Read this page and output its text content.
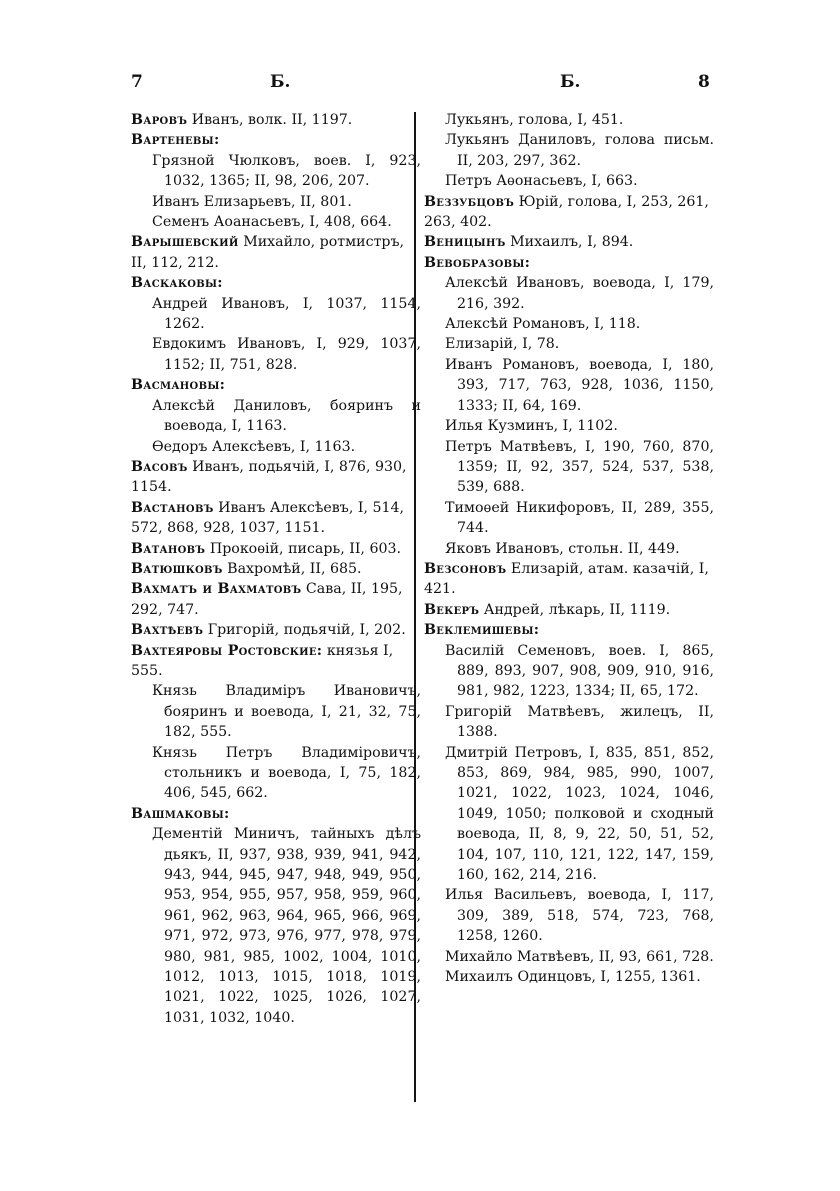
7	Б.	Б.	8

Варовъ Иванъ, волк. II, 1197.

Вартеневы:

Грязной Чюлковъ, воев. I, 923, 1032, 1365; II, 98, 206, 207.

Иванъ Елизарьевъ, II, 801.

Семенъ Аоанасьевъ, I, 408, 664.

Варышевский Михайло, ротмистръ, II, 112, 212.

Васкаковы:

Андрей Ивановъ, I, 1037, 1154, 1262.

Евдокимъ Ивановъ, I, 929, 1037, 1152; II, 751, 828.

Васмановы:

Алексѣй Даниловъ, бояринъ и воевода, I, 1163.

Ѳедоръ Алексѣевъ, I, 1163.

Васовъ Иванъ, подьячій, I, 876, 930, 1154.

Вастановъ Иванъ Алексѣевъ, I, 514, 572, 868, 928, 1037, 1151.

Ватановъ Прокоѳій, писарь, II, 603.

Ватюшковъ Вахромѣй, II, 685.

Вахматъ и Вахматовъ Сава, II, 195, 292, 747.

Вахтѣевъ Григорій, подьячій, I, 202.

Вахтеяровы Ростовские: князья I, 555.

Князь Владиміръ Ивановичъ, бояринъ и воевода, I, 21, 32, 75, 182, 555.

Князь Петръ Владиміровичъ, стольникъ и воевода, I, 75, 182, 406, 545, 662.

Вашмаковы:

Дементій Миничъ, тайныхъ дѣлъ дьякъ, II, 937, 938, 939, 941, 942, 943, 944, 945, 947, 948, 949, 950, 953, 954, 955, 957, 958, 959, 960, 961, 962, 963, 964, 965, 966, 969, 971, 972, 973, 976, 977, 978, 979, 980, 981, 985, 1002, 1004, 1010, 1012, 1013, 1015, 1018, 1019, 1021, 1022, 1025, 1026, 1027, 1031, 1032, 1040.

Лукьянъ, голова, I, 451.

Лукьянъ Даниловъ, голова письм. II, 203, 297, 362.

Петръ Аѳонасьевъ, I, 663.

Веззубцовъ Юрій, голова, I, 253, 261, 263, 402.

Веницынъ Михаилъ, I, 894.

Вевобразовы:

Алексѣй Ивановъ, воевода, I, 179, 216, 392.

Алексѣй Романовъ, I, 118.

Елизарій, I, 78.

Иванъ Романовъ, воевода, I, 180, 393, 717, 763, 928, 1036, 1150, 1333; II, 64, 169.

Илья Кузминъ, I, 1102.

Петръ Матвѣевъ, I, 190, 760, 870, 1359; II, 92, 357, 524, 537, 538, 539, 688.

Тимоѳей Никифоровъ, II, 289, 355, 744.

Яковъ Ивановъ, стольн. II, 449.

Везсоновъ Елизарій, атам. казачій, I, 421.

Векеръ Андрей, лѣкарь, II, 1119.

Веклемишевы:

Василій Семеновъ, воев. I, 865, 889, 893, 907, 908, 909, 910, 916, 981, 982, 1223, 1334; II, 65, 172.

Григорій Матвѣевъ, жилецъ, II, 1388.

Дмитрій Петровъ, I, 835, 851, 852, 853, 869, 984, 985, 990, 1007, 1021, 1022, 1023, 1024, 1046, 1049, 1050; полковой и сходный воевода, II, 8, 9, 22, 50, 51, 52, 104, 107, 110, 121, 122, 147, 159, 160, 162, 214, 216.

Илья Васильевъ, воевода, I, 117, 309, 389, 518, 574, 723, 768, 1258, 1260.

Михайло Матвѣевъ, II, 93, 661, 728.

Михаилъ Одинцовъ, I, 1255, 1361.
